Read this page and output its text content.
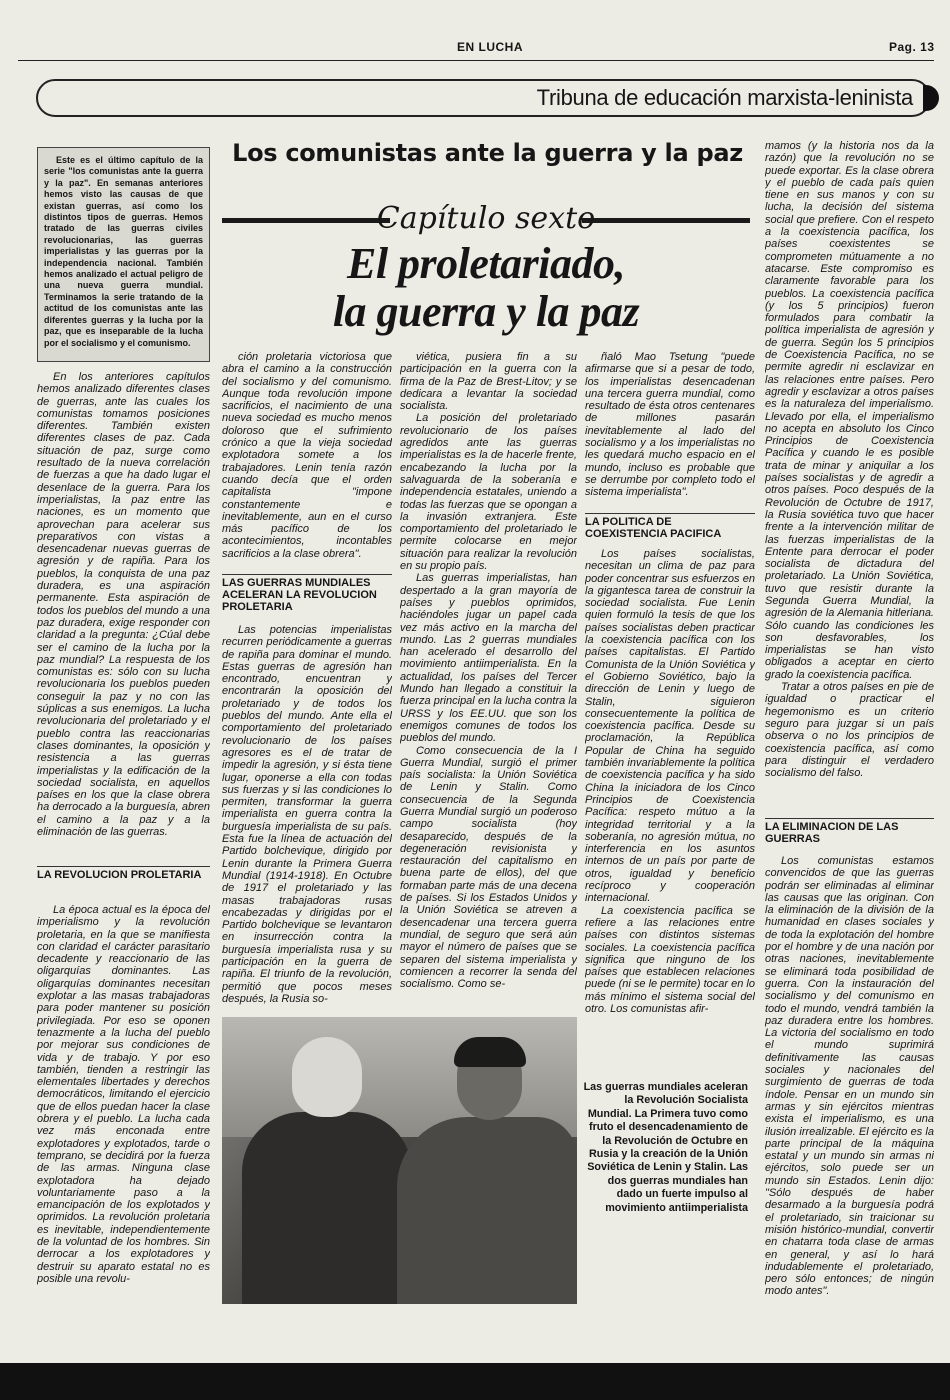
EN LUCHA	Pag. 13
Tribuna de educación marxista-leninista
Este es el último capítulo de la serie "los comunistas ante la guerra y la paz". En semanas anteriores hemos visto las causas de que existan guerras, así como los distintos tipos de guerras. Hemos tratado de las guerras civiles revolucionarias, las guerras imperialistas y las guerras por la independencia nacional. También hemos analizado el actual peligro de una nueva guerra mundial. Terminamos la serie tratando de la actitud de los comunistas ante las diferentes guerras y la lucha por la paz, que es inseparable de la lucha por el socialismo y el comunismo.
Los comunistas ante la guerra y la paz
Capítulo sexto
El proletariado,
la guerra y la paz

En los anteriores capítulos hemos analizado diferentes clases de guerras, ante las cuales los comunistas tomamos posiciones diferentes. También existen diferentes clases de paz. Cada situación de paz, surge como resultado de la nueva correlación de fuerzas a que ha dado lugar el desenlace de la guerra. Para los imperialistas, la paz entre las naciones, es un momento que aprovechan para acelerar sus preparativos con vistas a desencadenar nuevas guerras de agresión y de rapiña. Para los pueblos, la conquista de una paz duradera, es una aspiración permanente. Esta aspiración de todos los pueblos del mundo a una paz duradera, exige responder con claridad a la pregunta: ¿Cúal debe ser el camino de la lucha por la paz mundial? La respuesta de los comunistas es: sólo con su lucha revolucionaria los pueblos pueden conseguir la paz y no con las súplicas a sus enemigos. La lucha revolucionaria del proletariado y el pueblo contra las reaccionarias clases dominantes, la oposición y resistencia a las guerras imperialistas y la edificación de la sociedad socialista, en aquellos países en los que la clase obrera ha derrocado a la burguesía, abren el camino a la paz y a la eliminación de las guerras.

LA REVOLUCION PROLETARIA

La época actual es la época del imperialismo y la revolución proletaria, en la que se manifiesta con claridad el carácter parasitario decadente y reaccionario de las oligarquías dominantes. Las oligarquías dominantes necesitan explotar a las masas trabajadoras para poder mantener su posición privilegiada. Por eso se oponen tenazmente a la lucha del pueblo por mejorar sus condiciones de vida y de trabajo. Y por eso también, tienden a restringir las elementales libertades y derechos democráticos, limitando el ejercicio que de ellos puedan hacer la clase obrera y el pueblo. La lucha cada vez más enconada entre explotadores y explotados, tarde o temprano, se decidirá por la fuerza de las armas. Ninguna clase explotadora ha dejado voluntariamente paso a la emancipación de los explotados y oprimidos. La revolución proletaria es inevitable, independientemente de la voluntad de los hombres. Sin derrocar a los explotadores y destruir su aparato estatal no es posible una revolu-

ción proletaria victoriosa que abra el camino a la construcción del socialismo y del comunismo. Aunque toda revolución impone sacrificios, el nacimiento de una nueva sociedad es mucho menos doloroso que el sufrimiento crónico a que la vieja sociedad explotadora somete a los trabajadores. Lenin tenía razón cuando decía que el orden capitalista "impone constantemente e inevitablemente, aun en el curso más pacífico de los acontecimientos, incontables sacrificios a la clase obrera".

LAS GUERRAS MUNDIALES ACELERAN LA REVOLUCION PROLETARIA

Las potencias imperialistas recurren periódicamente a guerras de rapiña para dominar el mundo. Estas guerras de agresión han encontrado, encuentran y encontrarán la oposición del proletariado y de todos los pueblos del mundo. Ante ella el comportamiento del proletariado revolucionario de los países agresores es el de tratar de impedir la agresión, y si ésta tiene lugar, oponerse a ella con todas sus fuerzas y si las condiciones lo permiten, transformar la guerra imperialista en guerra contra la burguesía imperialista de su país. Esta fue la línea de actuación del Partido bolchevique, dirigido por Lenin durante la Primera Guerra Mundial (1914-1918). En Octubre de 1917 el proletariado y las masas trabajadoras rusas encabezadas y dirigidas por el Partido bolchevique se levantaron en insurrección contra la burguesía imperialista rusa y su participación en la guerra de rapiña. El triunfo de la revolución, permitió que pocos meses después, la Rusia so-

viética, pusiera fin a su participación en la guerra con la firma de la Paz de Brest-Litov; y se dedicara a levantar la sociedad socialista.

La posición del proletariado revolucionario de los países agredidos ante las guerras imperialistas es la de hacerle frente, encabezando la lucha por la salvaguarda de la soberanía e independencia estatales, uniendo a todas las fuerzas que se opongan a la invasión extranjera. Este comportamiento del proletariado le permite colocarse en mejor situación para realizar la revolución en su propio país.

Las guerras imperialistas, han despertado a la gran mayoría de países y pueblos oprimidos, haciéndoles jugar un papel cada vez más activo en la marcha del mundo. Las 2 guerras mundiales han acelerado el desarrollo del movimiento antiimperialista. En la actualidad, los países del Tercer Mundo han llegado a constituir la fuerza principal en la lucha contra la URSS y los EE.UU. que son los enemigos comunes de todos los pueblos del mundo.

Como consecuencia de la I Guerra Mundial, surgió el primer país socialista: la Unión Soviética de Lenin y Stalin. Como consecuencia de la Segunda Guerra Mundial surgió un poderoso campo socialista (hoy desaparecido, después de la degeneración revisionista y restauración del capitalismo en buena parte de ellos), del que formaban parte más de una decena de países. Si los Estados Unidos y la Unión Soviética se atreven a desencadenar una tercera guerra mundial, de seguro que será aún mayor el número de países que se separen del sistema imperialista y comiencen a recorrer la senda del socialismo. Como se-

ñaló Mao Tsetung "puede afirmarse que si a pesar de todo, los imperialistas desencadenan una tercera guerra mundial, como resultado de ésta otros centenares de millones pasarán inevitablemente al lado del socialismo y a los imperialistas no les quedará mucho espacio en el mundo, incluso es probable que se derrumbe por completo todo el sistema imperialista".

LA POLITICA DE COEXISTENCIA PACIFICA

Los países socialistas, necesitan un clima de paz para poder concentrar sus esfuerzos en la gigantesca tarea de construir la sociedad socialista. Fue Lenin quien formuló la tesis de que los países socialistas deben practicar la coexistencia pacífica con los países capitalistas. El Partido Comunista de la Unión Soviética y el Gobierno Soviético, bajo la dirección de Lenin y luego de Stalin, siguieron consecuentemente la política de coexistencia pacífica. Desde su proclamación, la República Popular de China ha seguido también invariablemente la política de coexistencia pacífica y ha sido China la iniciadora de los Cinco Principios de Coexistencia Pacífica: respeto mútuo a la integridad territorial y a la soberanía, no agresión mútua, no interferencia en los asuntos internos de un país por parte de otros, igualdad y beneficio recíproco y cooperación internacional.

La coexistencia pacífica se refiere a las relaciones entre países con distintos sistemas sociales. La coexistencia pacífica significa que ninguno de los países que establecen relaciones puede (ni se le permite) tocar en lo más mínimo el sistema social del otro. Los comunistas afir-

mamos (y la historia nos da la razón) que la revolución no se puede exportar. Es la clase obrera y el pueblo de cada país quien tiene en sus manos y con su lucha, la decisión del sistema social que prefiere. Con el respeto a la coexistencia pacífica, los países coexistentes se comprometen mútuamente a no atacarse. Este compromiso es claramente favorable para los pueblos. La coexistencia pacífica (y los 5 principios) fueron formulados para combatir la política imperialista de agresión y de guerra. Según los 5 principios de Coexistencia Pacífica, no se permite agredir ni esclavizar en las relaciones entre países. Pero agredir y esclavizar a otros países es la naturaleza del imperialismo. Llevado por ella, el imperialismo no acepta en absoluto los Cinco Principios de Coexistencia Pacífica y cuando le es posible trata de minar y aniquilar a los países socialistas y de agredir a otros países. Poco después de la Revolución de Octubre de 1917, la Rusia soviética tuvo que hacer frente a la intervención militar de las fuerzas imperialistas de la Entente para derrocar el poder socialista de dictadura del proletariado. La Unión Soviética, tuvo que resistir durante la Segunda Guerra Mundial, la agresión de la Alemania hitleriana. Sólo cuando las condiciones les son desfavorables, los imperialistas se han visto obligados a aceptar en cierto grado la coexistencia pacífica.

Tratar a otros países en pie de igualdad o practicar el hegemonismo es un criterio seguro para juzgar si un país observa o no los principios de coexistencia pacífica, así como para distinguir el verdadero socialismo del falso.

LA ELIMINACION DE LAS GUERRAS

Los comunistas estamos convencidos de que las guerras podrán ser eliminadas al eliminar las causas que las originan. Con la eliminación de la división de la humanidad en clases sociales y de toda la explotación del hombre por el hombre y de una nación por otras naciones, inevitablemente se eliminará toda posibilidad de guerra. Con la instauración del socialismo y del comunismo en todo el mundo, vendrá también la paz duradera entre los hombres. La victoria del socialismo en todo el mundo suprimirá definitivamente las causas sociales y nacionales del surgimiento de guerras de toda índole. Pensar en un mundo sin armas y sin ejércitos mientras exista el imperialismo, es una ilusión irrealizable. El ejército es la parte principal de la máquina estatal y un mundo sin armas ni ejércitos, solo puede ser un mundo sin Estados. Lenin dijo: "Sólo después de haber desarmado a la burguesía podrá el proletariado, sin traicionar su misión histórico-mundial, convertir en chatarra toda clase de armas en general, y así lo hará indudablemente el proletariado, pero sólo entonces; de ningún modo antes".

Las guerras mundiales aceleran la Revolución Socialista Mundial. La Primera tuvo como fruto el desencadenamiento de la Revolución de Octubre en Rusia y la creación de la Unión Soviética de Lenin y Stalin. Las dos guerras mundiales han dado un fuerte impulso al movimiento antiimperialista
